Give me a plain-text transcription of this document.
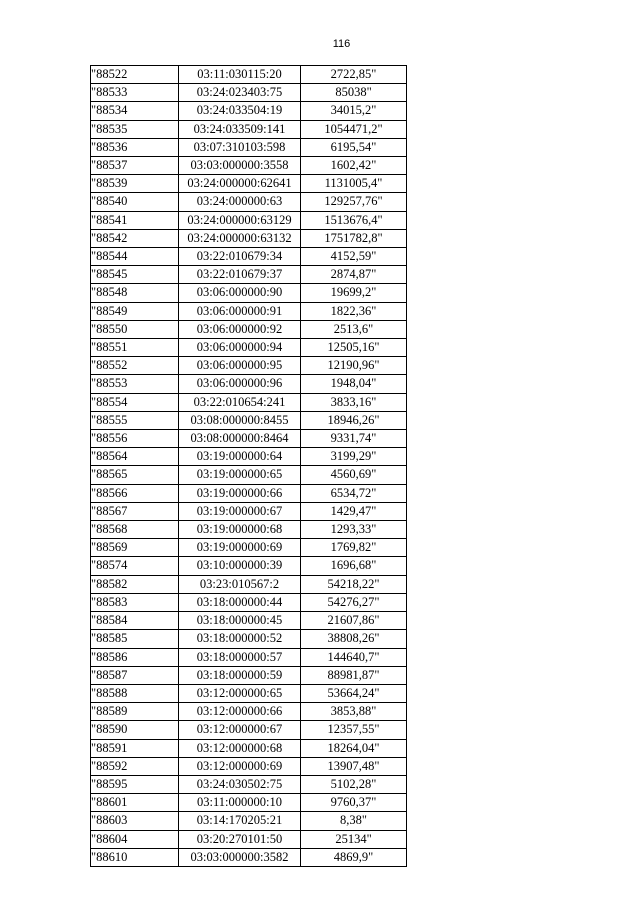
116
"88522	03:11:030115:20	2722,85"
"88533	03:24:023403:75	85038"
"88534	03:24:033504:19	34015,2"
"88535	03:24:033509:141	1054471,2"
"88536	03:07:310103:598	6195,54"
"88537	03:03:000000:3558	1602,42"
"88539	03:24:000000:62641	1131005,4"
"88540	03:24:000000:63	129257,76"
"88541	03:24:000000:63129	1513676,4"
"88542	03:24:000000:63132	1751782,8"
"88544	03:22:010679:34	4152,59"
"88545	03:22:010679:37	2874,87"
"88548	03:06:000000:90	19699,2"
"88549	03:06:000000:91	1822,36"
"88550	03:06:000000:92	2513,6"
"88551	03:06:000000:94	12505,16"
"88552	03:06:000000:95	12190,96"
"88553	03:06:000000:96	1948,04"
"88554	03:22:010654:241	3833,16"
"88555	03:08:000000:8455	18946,26"
"88556	03:08:000000:8464	9331,74"
"88564	03:19:000000:64	3199,29"
"88565	03:19:000000:65	4560,69"
"88566	03:19:000000:66	6534,72"
"88567	03:19:000000:67	1429,47"
"88568	03:19:000000:68	1293,33"
"88569	03:19:000000:69	1769,82"
"88574	03:10:000000:39	1696,68"
"88582	03:23:010567:2	54218,22"
"88583	03:18:000000:44	54276,27"
"88584	03:18:000000:45	21607,86"
"88585	03:18:000000:52	38808,26"
"88586	03:18:000000:57	144640,7"
"88587	03:18:000000:59	88981,87"
"88588	03:12:000000:65	53664,24"
"88589	03:12:000000:66	3853,88"
"88590	03:12:000000:67	12357,55"
"88591	03:12:000000:68	18264,04"
"88592	03:12:000000:69	13907,48"
"88595	03:24:030502:75	5102,28"
"88601	03:11:000000:10	9760,37"
"88603	03:14:170205:21	8,38"
"88604	03:20:270101:50	25134"
"88610	03:03:000000:3582	4869,9"
